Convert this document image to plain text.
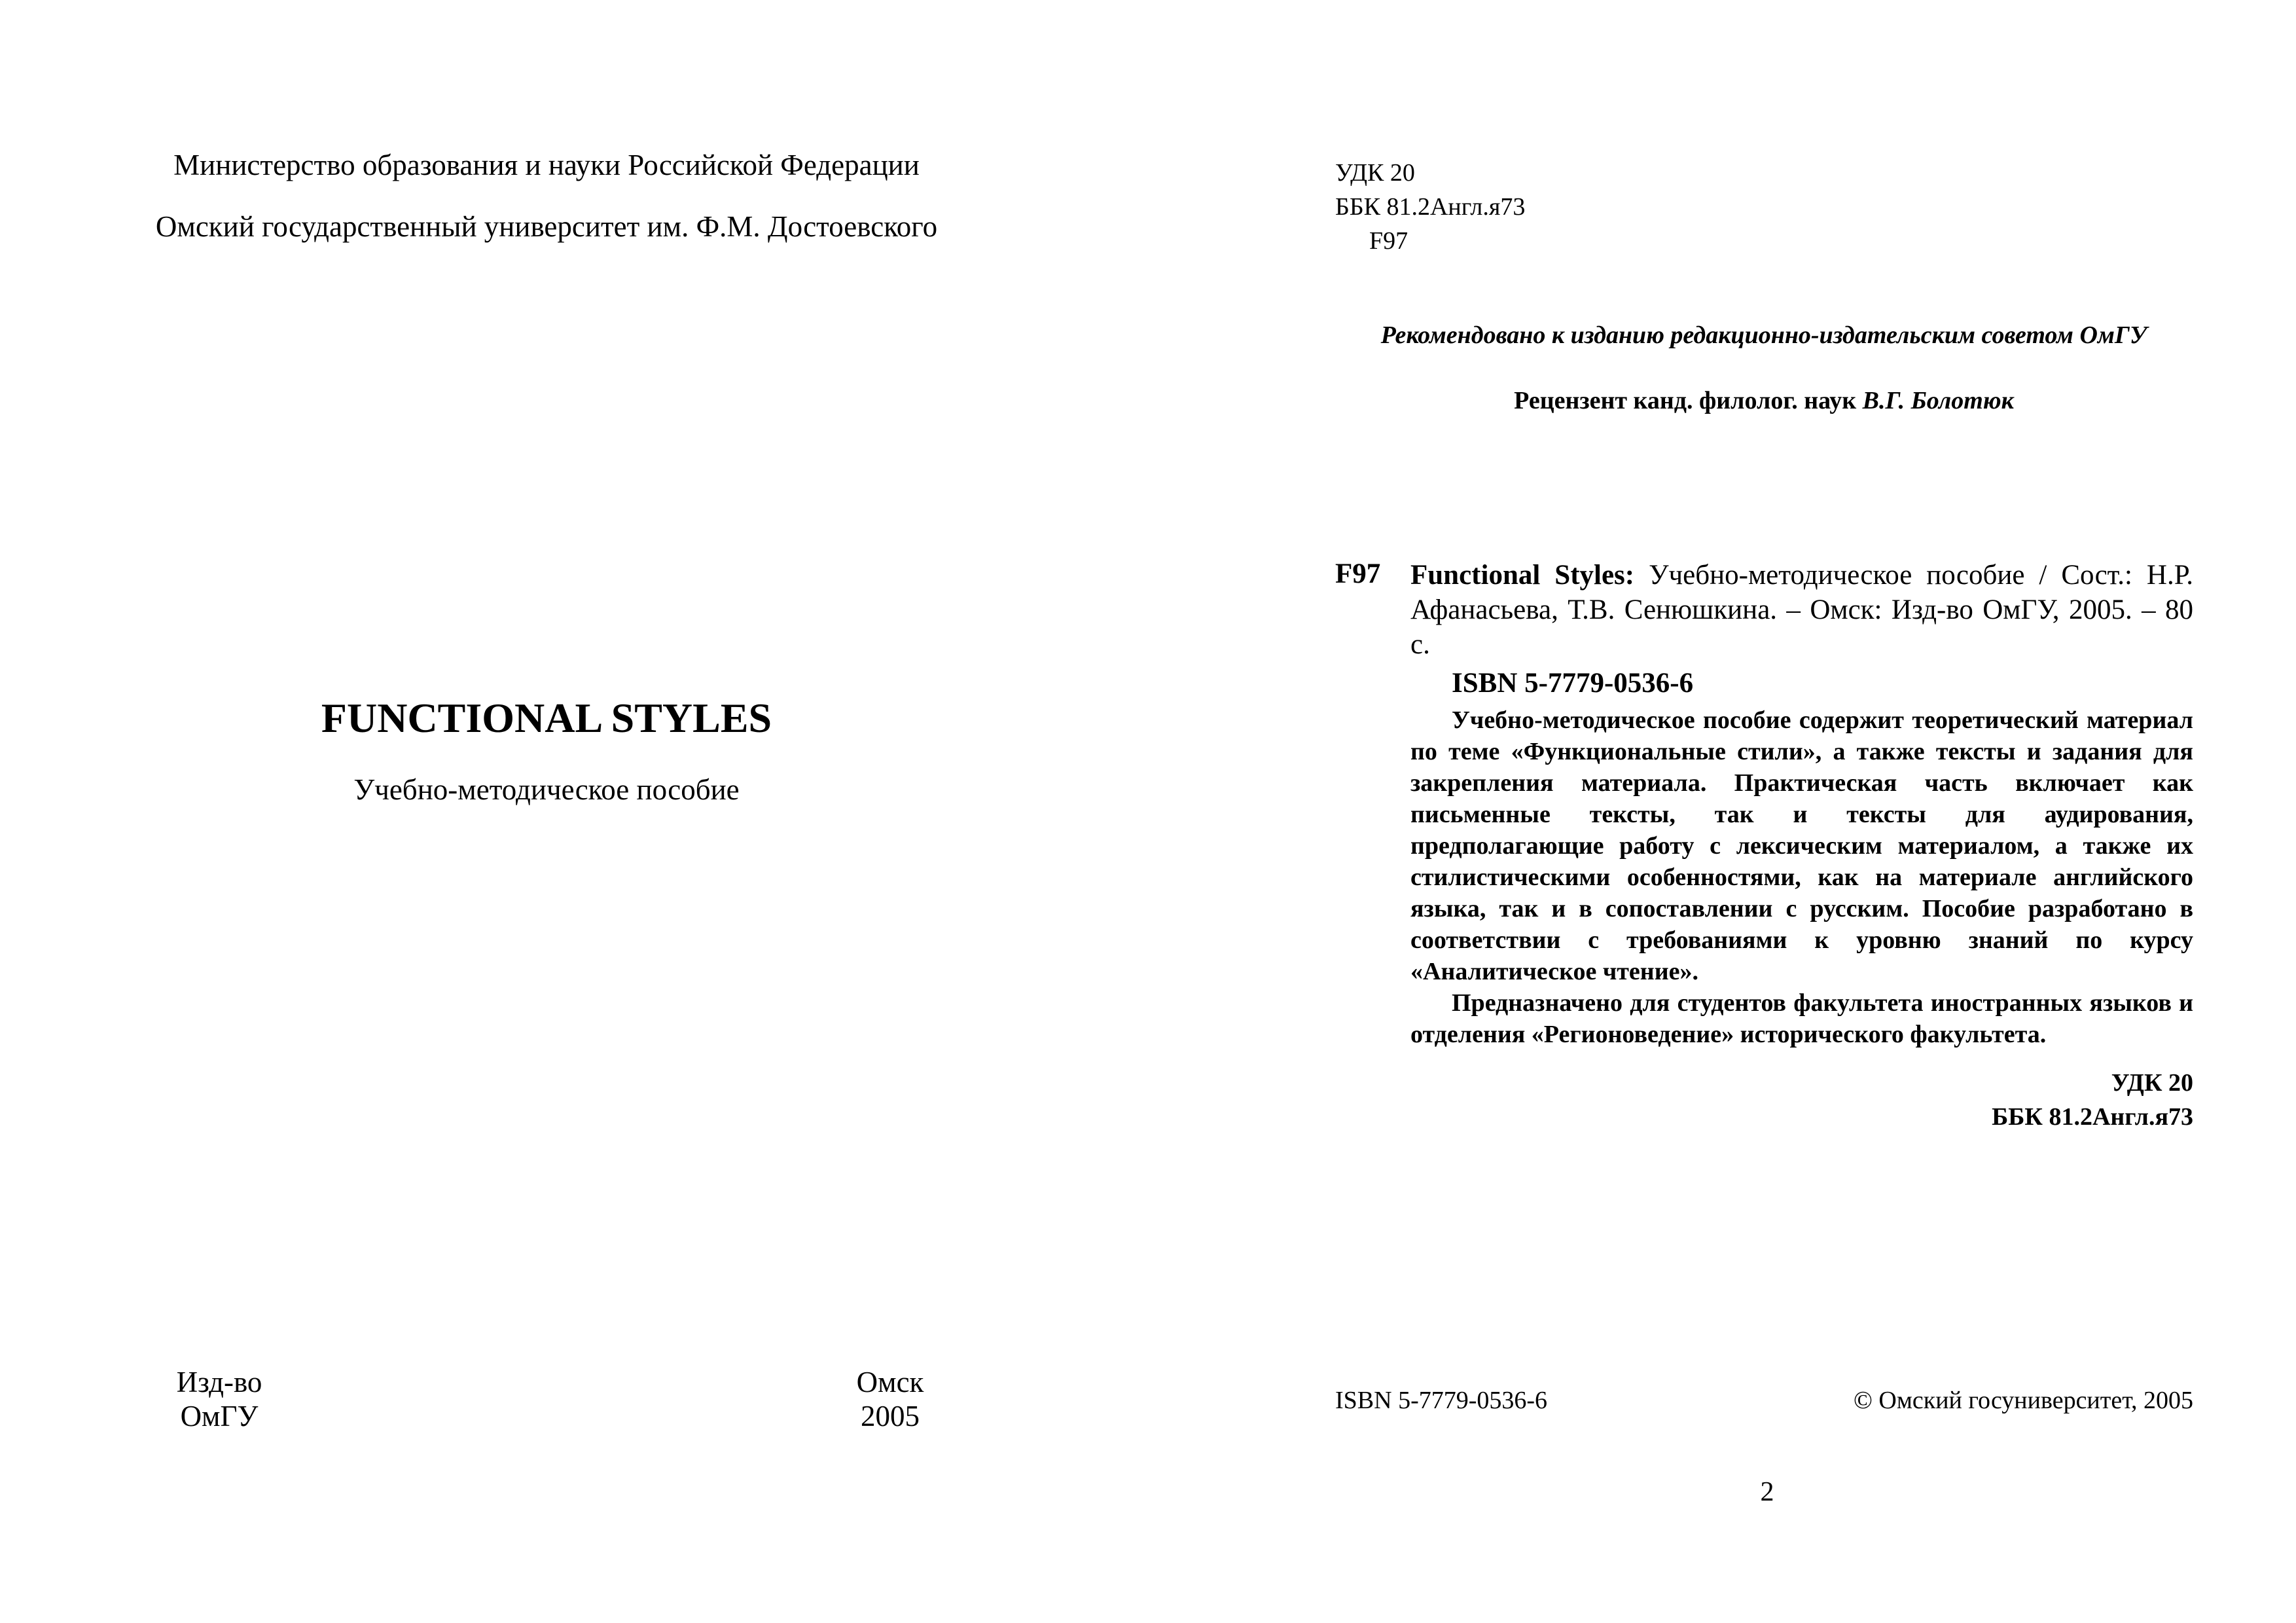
Министерство образования и науки Российской Федерации
Омский государственный университет им. Ф.М. Достоевского
FUNCTIONAL STYLES
Учебно-методическое пособие
Изд-во
ОмГУ
Омск
2005
УДК 20
ББК 81.2Англ.я73
F97
Рекомендовано к изданию редакционно-издательским советом ОмГУ
Рецензент канд. филолог. наук В.Г. Болотюк
F97 Functional Styles: Учебно-методическое пособие / Сост.: Н.Р. Афанасьева, Т.В. Сенюшкина. – Омск: Изд-во ОмГУ, 2005. – 80 с.

ISBN 5-7779-0536-6

Учебно-методическое пособие содержит теоретический материал по теме «Функциональные стили», а также тексты и задания для закрепления материала. Практическая часть включает как письменные тексты, так и тексты для аудирования, предполагающие работу с лексическим материалом, а также их стилистическими особенностями, как на материале английского языка, так и в сопоставлении с русским. Пособие разработано в соответствии с требованиями к уровню знаний по курсу «Аналитическое чтение».

Предназначено для студентов факультета иностранных языков и отделения «Регионоведение» исторического факультета.

УДК 20
ББК 81.2Англ.я73
ISBN 5-7779-0536-6	© Омский госуниверситет, 2005
2
